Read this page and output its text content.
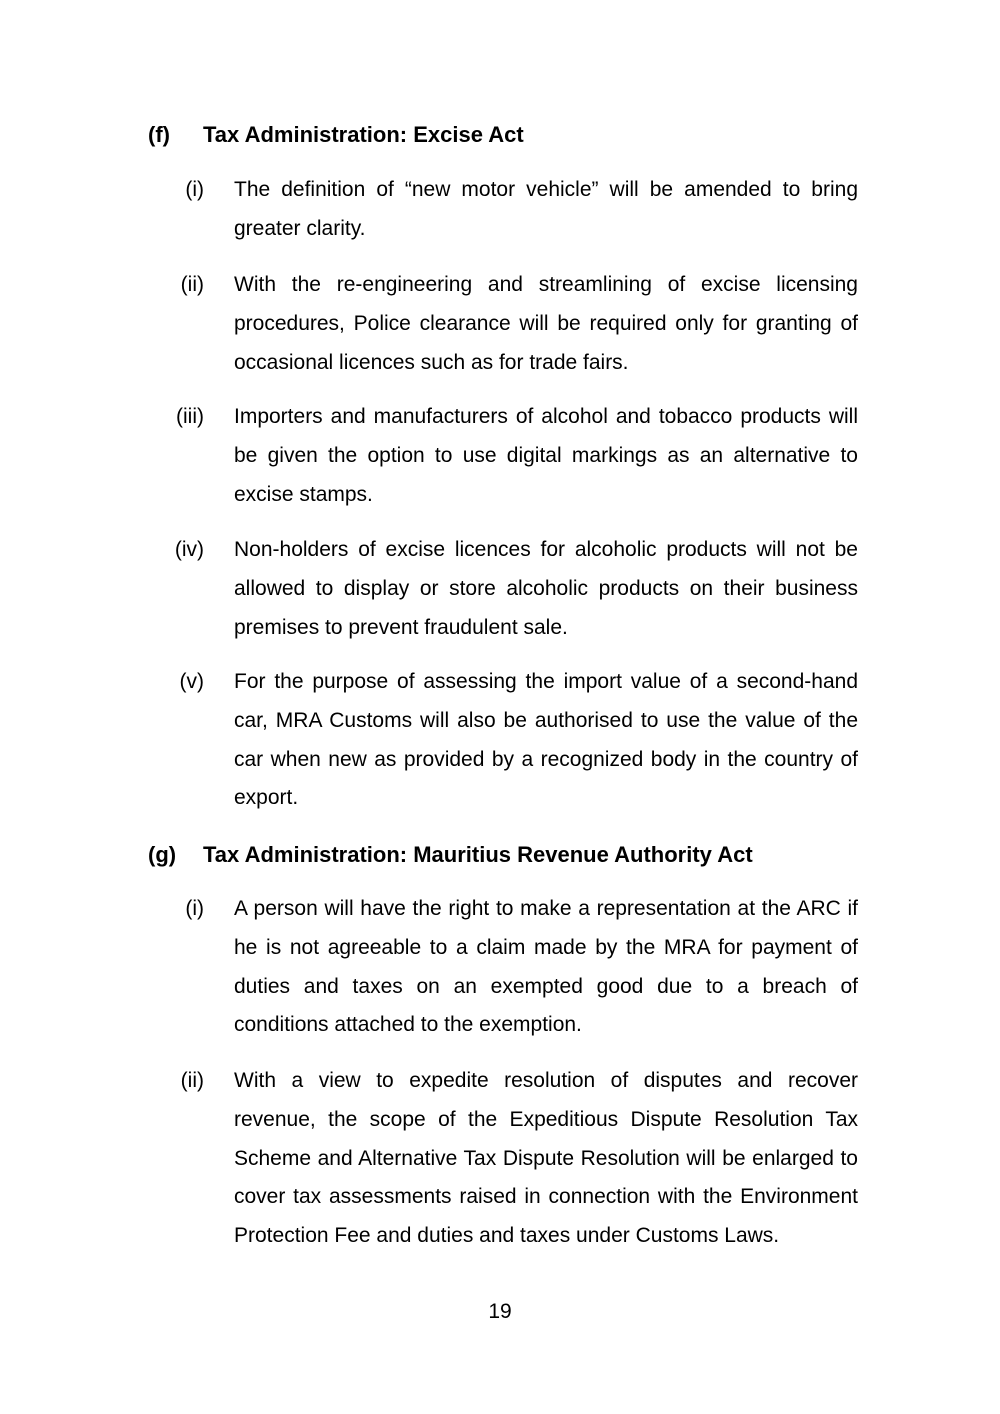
(f) Tax Administration: Excise Act
(i) The definition of “new motor vehicle” will be amended to bring greater clarity.
(ii) With the re-engineering and streamlining of excise licensing procedures, Police clearance will be required only for granting of occasional licences such as for trade fairs.
(iii) Importers and manufacturers of alcohol and tobacco products will be given the option to use digital markings as an alternative to excise stamps.
(iv) Non-holders of excise licences for alcoholic products will not be allowed to display or store alcoholic products on their business premises to prevent fraudulent sale.
(v) For the purpose of assessing the import value of a second-hand car, MRA Customs will also be authorised to use the value of the car when new as provided by a recognized body in the country of export.
(g) Tax Administration: Mauritius Revenue Authority Act
(i) A person will have the right to make a representation at the ARC if he is not agreeable to a claim made by the MRA for payment of duties and taxes on an exempted good due to a breach of conditions attached to the exemption.
(ii) With a view to expedite resolution of disputes and recover revenue, the scope of the Expeditious Dispute Resolution Tax Scheme and Alternative Tax Dispute Resolution will be enlarged to cover tax assessments raised in connection with the Environment Protection Fee and duties and taxes under Customs Laws.
19
